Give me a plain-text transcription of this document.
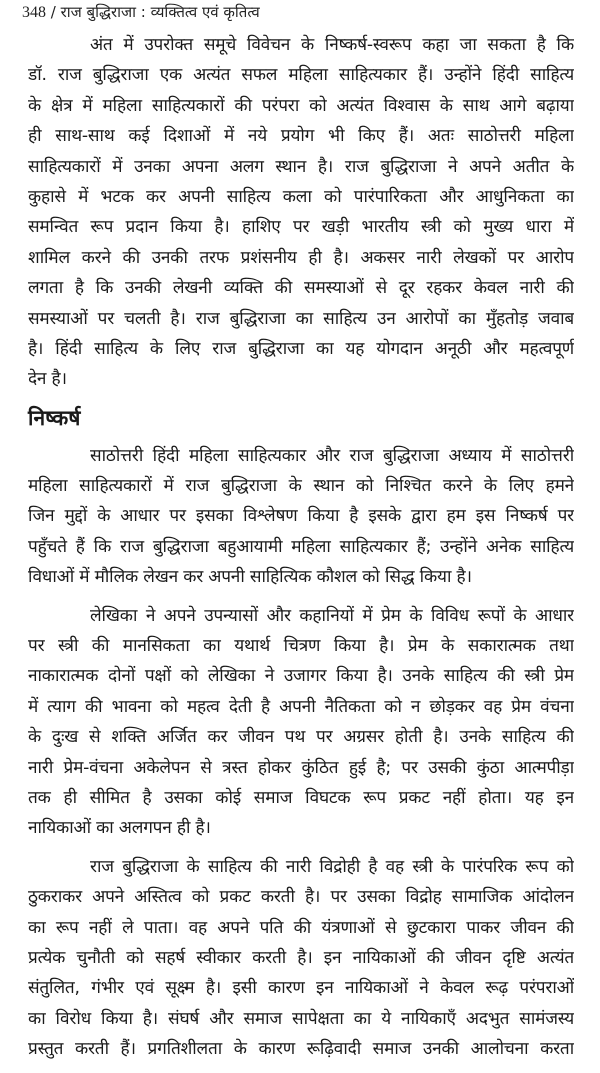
348 / राज बुद्धिराजा : व्यक्तित्व एवं कृतित्व
अंत में उपरोक्त समूचे विवेचन के निष्कर्ष-स्वरूप कहा जा सकता है कि
डॉ. राज बुद्धिराजा एक अत्यंत सफल महिला साहित्यकार हैं। उन्होंने हिंदी साहित्य
के क्षेत्र में महिला साहित्यकारों की परंपरा को अत्यंत विश्वास के साथ आगे बढ़ाया
ही साथ-साथ कई दिशाओं में नये प्रयोग भी किए हैं। अतः साठोत्तरी महिला
साहित्यकारों में उनका अपना अलग स्थान है। राज बुद्धिराजा ने अपने अतीत के
कुहासे में भटक कर अपनी साहित्य कला को पारंपारिकता और आधुनिकता का
समन्वित रूप प्रदान किया है। हाशिए पर खड़ी भारतीय स्त्री को मुख्य धारा में
शामिल करने की उनकी तरफ प्रशंसनीय ही है। अकसर नारी लेखकों पर आरोप
लगता है कि उनकी लेखनी व्यक्ति की समस्याओं से दूर रहकर केवल नारी की
समस्याओं पर चलती है। राज बुद्धिराजा का साहित्य उन आरोपों का मुँहतोड़ जवाब
है। हिंदी साहित्य के लिए राज बुद्धिराजा का यह योगदान अनूठी और महत्वपूर्ण
देन है।
निष्कर्ष
साठोत्तरी हिंदी महिला साहित्यकार और राज बुद्धिराजा अध्याय में साठोत्तरी
महिला साहित्यकारों में राज बुद्धिराजा के स्थान को निश्चित करने के लिए हमने
जिन मुद्दों के आधार पर इसका विश्लेषण किया है इसके द्वारा हम इस निष्कर्ष पर
पहुँचते हैं कि राज बुद्धिराजा बहुआयामी महिला साहित्यकार हैं; उन्होंने अनेक साहित्य
विधाओं में मौलिक लेखन कर अपनी साहित्यिक कौशल को सिद्ध किया है।
लेखिका ने अपने उपन्यासों और कहानियों में प्रेम के विविध रूपों के आधार
पर स्त्री की मानसिकता का यथार्थ चित्रण किया है। प्रेम के सकारात्मक तथा
नाकारात्मक दोनों पक्षों को लेखिका ने उजागर किया है। उनके साहित्य की स्त्री प्रेम
में त्याग की भावना को महत्व देती है अपनी नैतिकता को न छोड़कर वह प्रेम वंचना
के दुःख से शक्ति अर्जित कर जीवन पथ पर अग्रसर होती है। उनके साहित्य की
नारी प्रेम-वंचना अकेलेपन से त्रस्त होकर कुंठित हुई है; पर उसकी कुंठा आत्मपीड़ा
तक ही सीमित है उसका कोई समाज विघटक रूप प्रकट नहीं होता। यह इन
नायिकाओं का अलगपन ही है।
राज बुद्धिराजा के साहित्य की नारी विद्रोही है वह स्त्री के पारंपरिक रूप को
ठुकराकर अपने अस्तित्व को प्रकट करती है। पर उसका विद्रोह सामाजिक आंदोलन
का रूप नहीं ले पाता। वह अपने पति की यंत्रणाओं से छुटकारा पाकर जीवन की
प्रत्येक चुनौती को सहर्ष स्वीकार करती है। इन नायिकाओं की जीवन दृष्टि अत्यंत
संतुलित, गंभीर एवं सूक्ष्म है। इसी कारण इन नायिकाओं ने केवल रूढ़ परंपराओं
का विरोध किया है। संघर्ष और समाज सापेक्षता का ये नायिकाएँ अदभुत सामंजस्य
प्रस्तुत करती हैं। प्रगतिशीलता के कारण रूढ़िवादी समाज उनकी आलोचना करता
